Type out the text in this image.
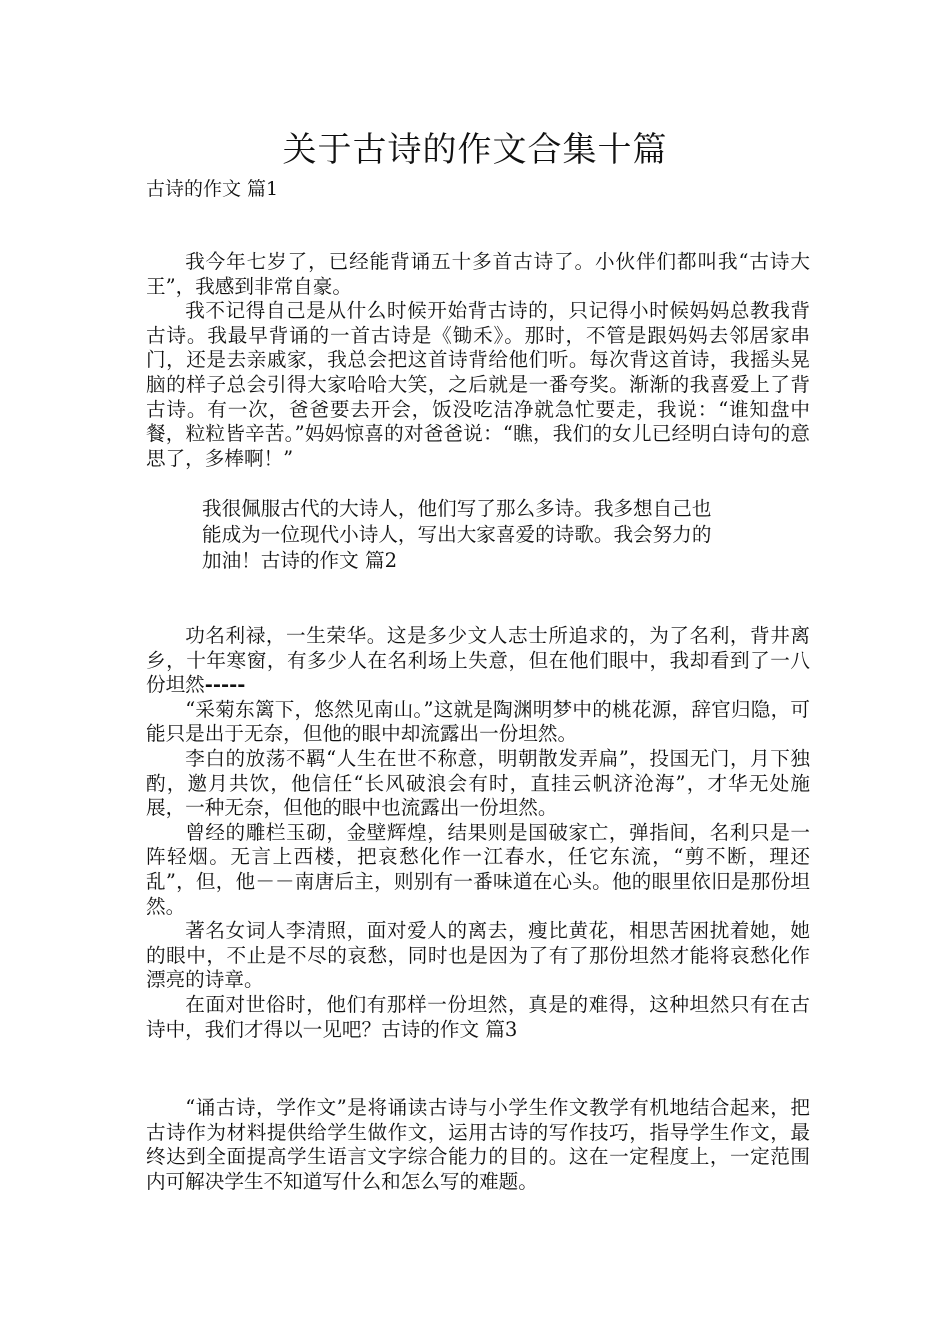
关于古诗的作文合集十篇
古诗的作文 篇1

我今年七岁了，已经能背诵五十多首古诗了。小伙伴们都叫我“古诗大王”，我感到非常自豪。

我不记得自己是从什么时候开始背古诗的，只记得小时候妈妈总教我背古诗。我最早背诵的一首古诗是《锄禾》。那时，不管是跟妈妈去邻居家串门，还是去亲戚家，我总会把这首诗背给他们听。每次背这首诗，我摇头晃脑的样子总会引得大家哈哈大笑，之后就是一番夸奖。渐渐的我喜爱上了背古诗。有一次，爸爸要去开会，饭没吃洁净就急忙要走，我说：“谁知盘中餐，粒粒皆辛苦。”妈妈惊喜的对爸爸说：“瞧，我们的女儿已经明白诗句的意思了，多棒啊！”

我很佩服古代的大诗人，他们写了那么多诗。我多想自己也

能成为一位现代小诗人，写出大家喜爱的诗歌。我会努力的

加油！古诗的作文 篇2

功名利禄，一生荣华。这是多少文人志士所追求的，为了名利，背井离乡，十年寒窗，有多少人在名利场上失意，但在他们眼中，我却看到了一八份坦然-----

“采菊东篱下，悠然见南山。”这就是陶渊明梦中的桃花源，辞官归隐，可能只是出于无奈，但他的眼中却流露出一份坦然。

李白的放荡不羁“人生在世不称意，明朝散发弄扁”，投国无门，月下独酌，邀月共饮，他信任“长风破浪会有时，直挂云帆济沧海”，才华无处施展，一种无奈，但他的眼中也流露出一份坦然。

曾经的雕栏玉砌，金壁辉煌，结果则是国破家亡，弹指间，名利只是一阵轻烟。无言上西楼，把哀愁化作一江春水，任它东流，“剪不断，理还乱”，但，他－－南唐后主，则别有一番味道在心头。他的眼里依旧是那份坦然。

著名女词人李清照，面对爱人的离去，瘦比黄花，相思苦困扰着她，她的眼中，不止是不尽的哀愁，同时也是因为了有了那份坦然才能将哀愁化作漂亮的诗章。

在面对世俗时，他们有那样一份坦然，真是的难得，这种坦然只有在古诗中，我们才得以一见吧？古诗的作文 篇3

“诵古诗，学作文”是将诵读古诗与小学生作文教学有机地结合起来，把古诗作为材料提供给学生做作文，运用古诗的写作技巧，指导学生作文，最终达到全面提高学生语言文字综合能力的目的。这在一定程度上，一定范围内可解决学生不知道写什么和怎么写的难题。
